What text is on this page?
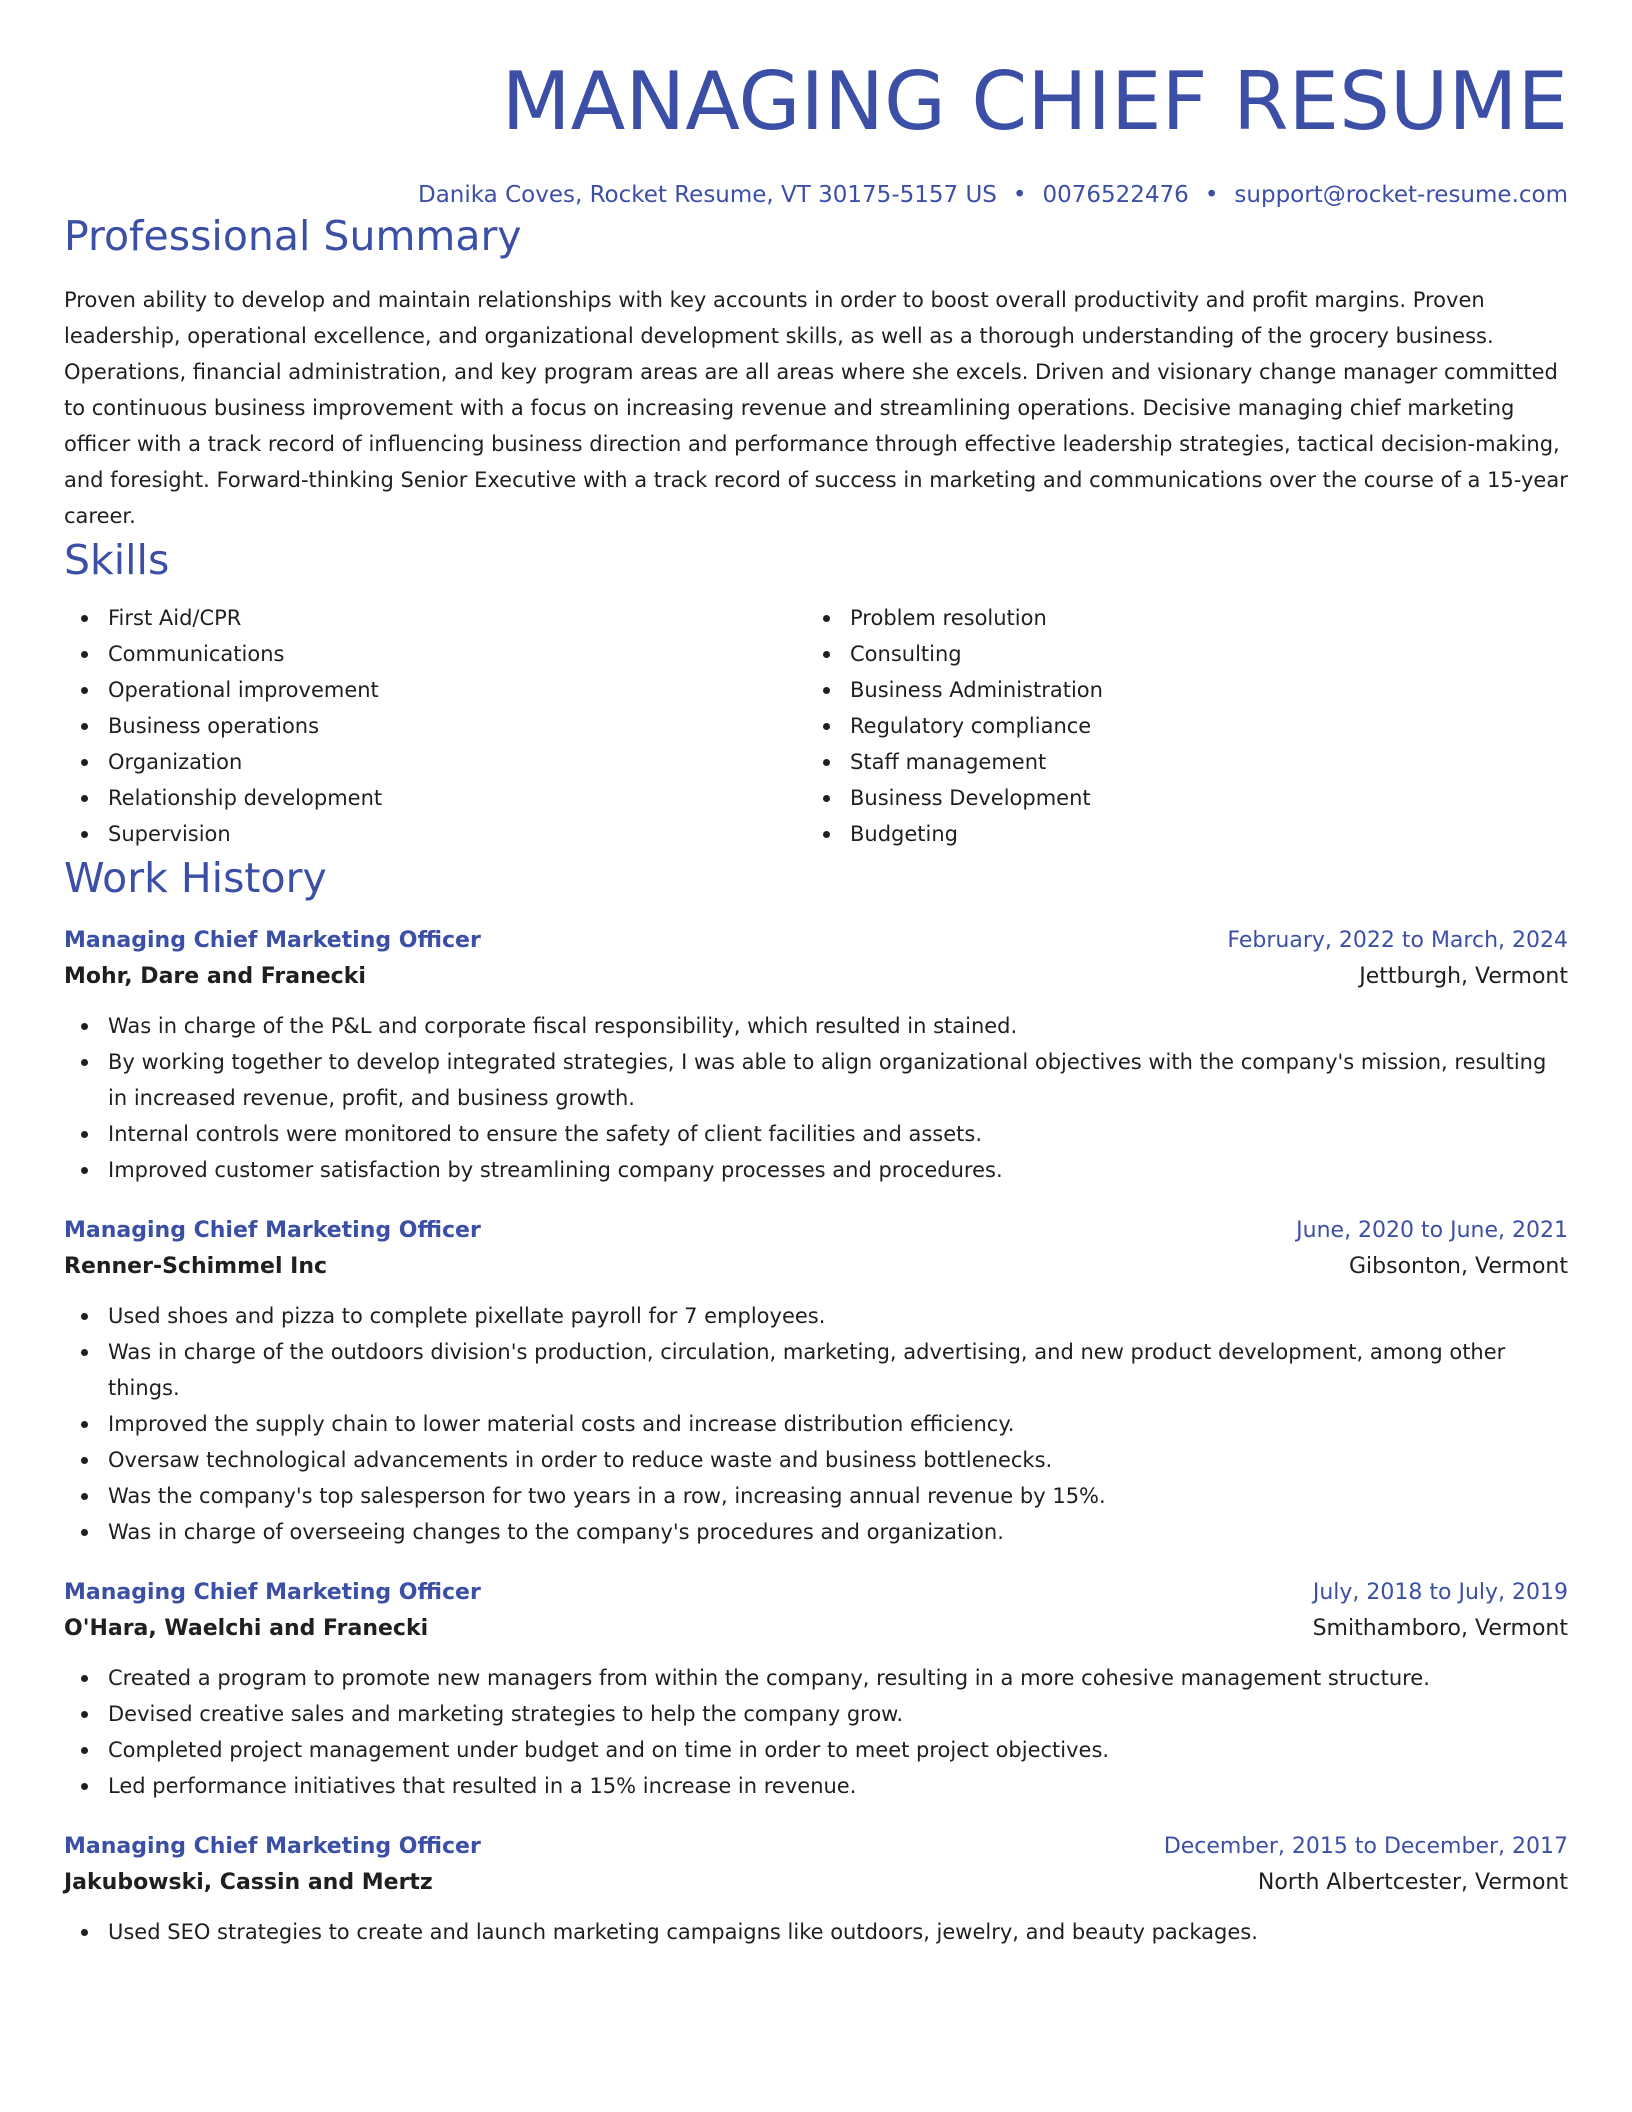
MANAGING CHIEF RESUME
Danika Coves, Rocket Resume, VT 30175-5157 US • 0076522476 • support@rocket-resume.com
Professional Summary

Proven ability to develop and maintain relationships with key accounts in order to boost overall productivity and profit margins. Proven leadership, operational excellence, and organizational development skills, as well as a thorough understanding of the grocery business. Operations, financial administration, and key program areas are all areas where she excels. Driven and visionary change manager committed to continuous business improvement with a focus on increasing revenue and streamlining operations. Decisive managing chief marketing officer with a track record of influencing business direction and performance through effective leadership strategies, tactical decision-making, and foresight. Forward-thinking Senior Executive with a track record of success in marketing and communications over the course of a 15-year career.

Skills
First Aid/CPR
Communications
Operational improvement
Business operations
Organization
Relationship development
Supervision
Problem resolution
Consulting
Business Administration
Regulatory compliance
Staff management
Business Development
Budgeting
Work History
Managing Chief Marketing Officer	February, 2022 to March, 2024
Mohr, Dare and Franecki	Jettburgh, Vermont
Was in charge of the P&L and corporate fiscal responsibility, which resulted in stained.
By working together to develop integrated strategies, I was able to align organizational objectives with the company's mission, resulting in increased revenue, profit, and business growth.
Internal controls were monitored to ensure the safety of client facilities and assets.
Improved customer satisfaction by streamlining company processes and procedures.
Managing Chief Marketing Officer	June, 2020 to June, 2021
Renner-Schimmel Inc	Gibsonton, Vermont
Used shoes and pizza to complete pixellate payroll for 7 employees.
Was in charge of the outdoors division's production, circulation, marketing, advertising, and new product development, among other things.
Improved the supply chain to lower material costs and increase distribution efficiency.
Oversaw technological advancements in order to reduce waste and business bottlenecks.
Was the company's top salesperson for two years in a row, increasing annual revenue by 15%.
Was in charge of overseeing changes to the company's procedures and organization.
Managing Chief Marketing Officer	July, 2018 to July, 2019
O'Hara, Waelchi and Franecki	Smithamboro, Vermont
Created a program to promote new managers from within the company, resulting in a more cohesive management structure.
Devised creative sales and marketing strategies to help the company grow.
Completed project management under budget and on time in order to meet project objectives.
Led performance initiatives that resulted in a 15% increase in revenue.
Managing Chief Marketing Officer	December, 2015 to December, 2017
Jakubowski, Cassin and Mertz	North Albertcester, Vermont
Used SEO strategies to create and launch marketing campaigns like outdoors, jewelry, and beauty packages.
